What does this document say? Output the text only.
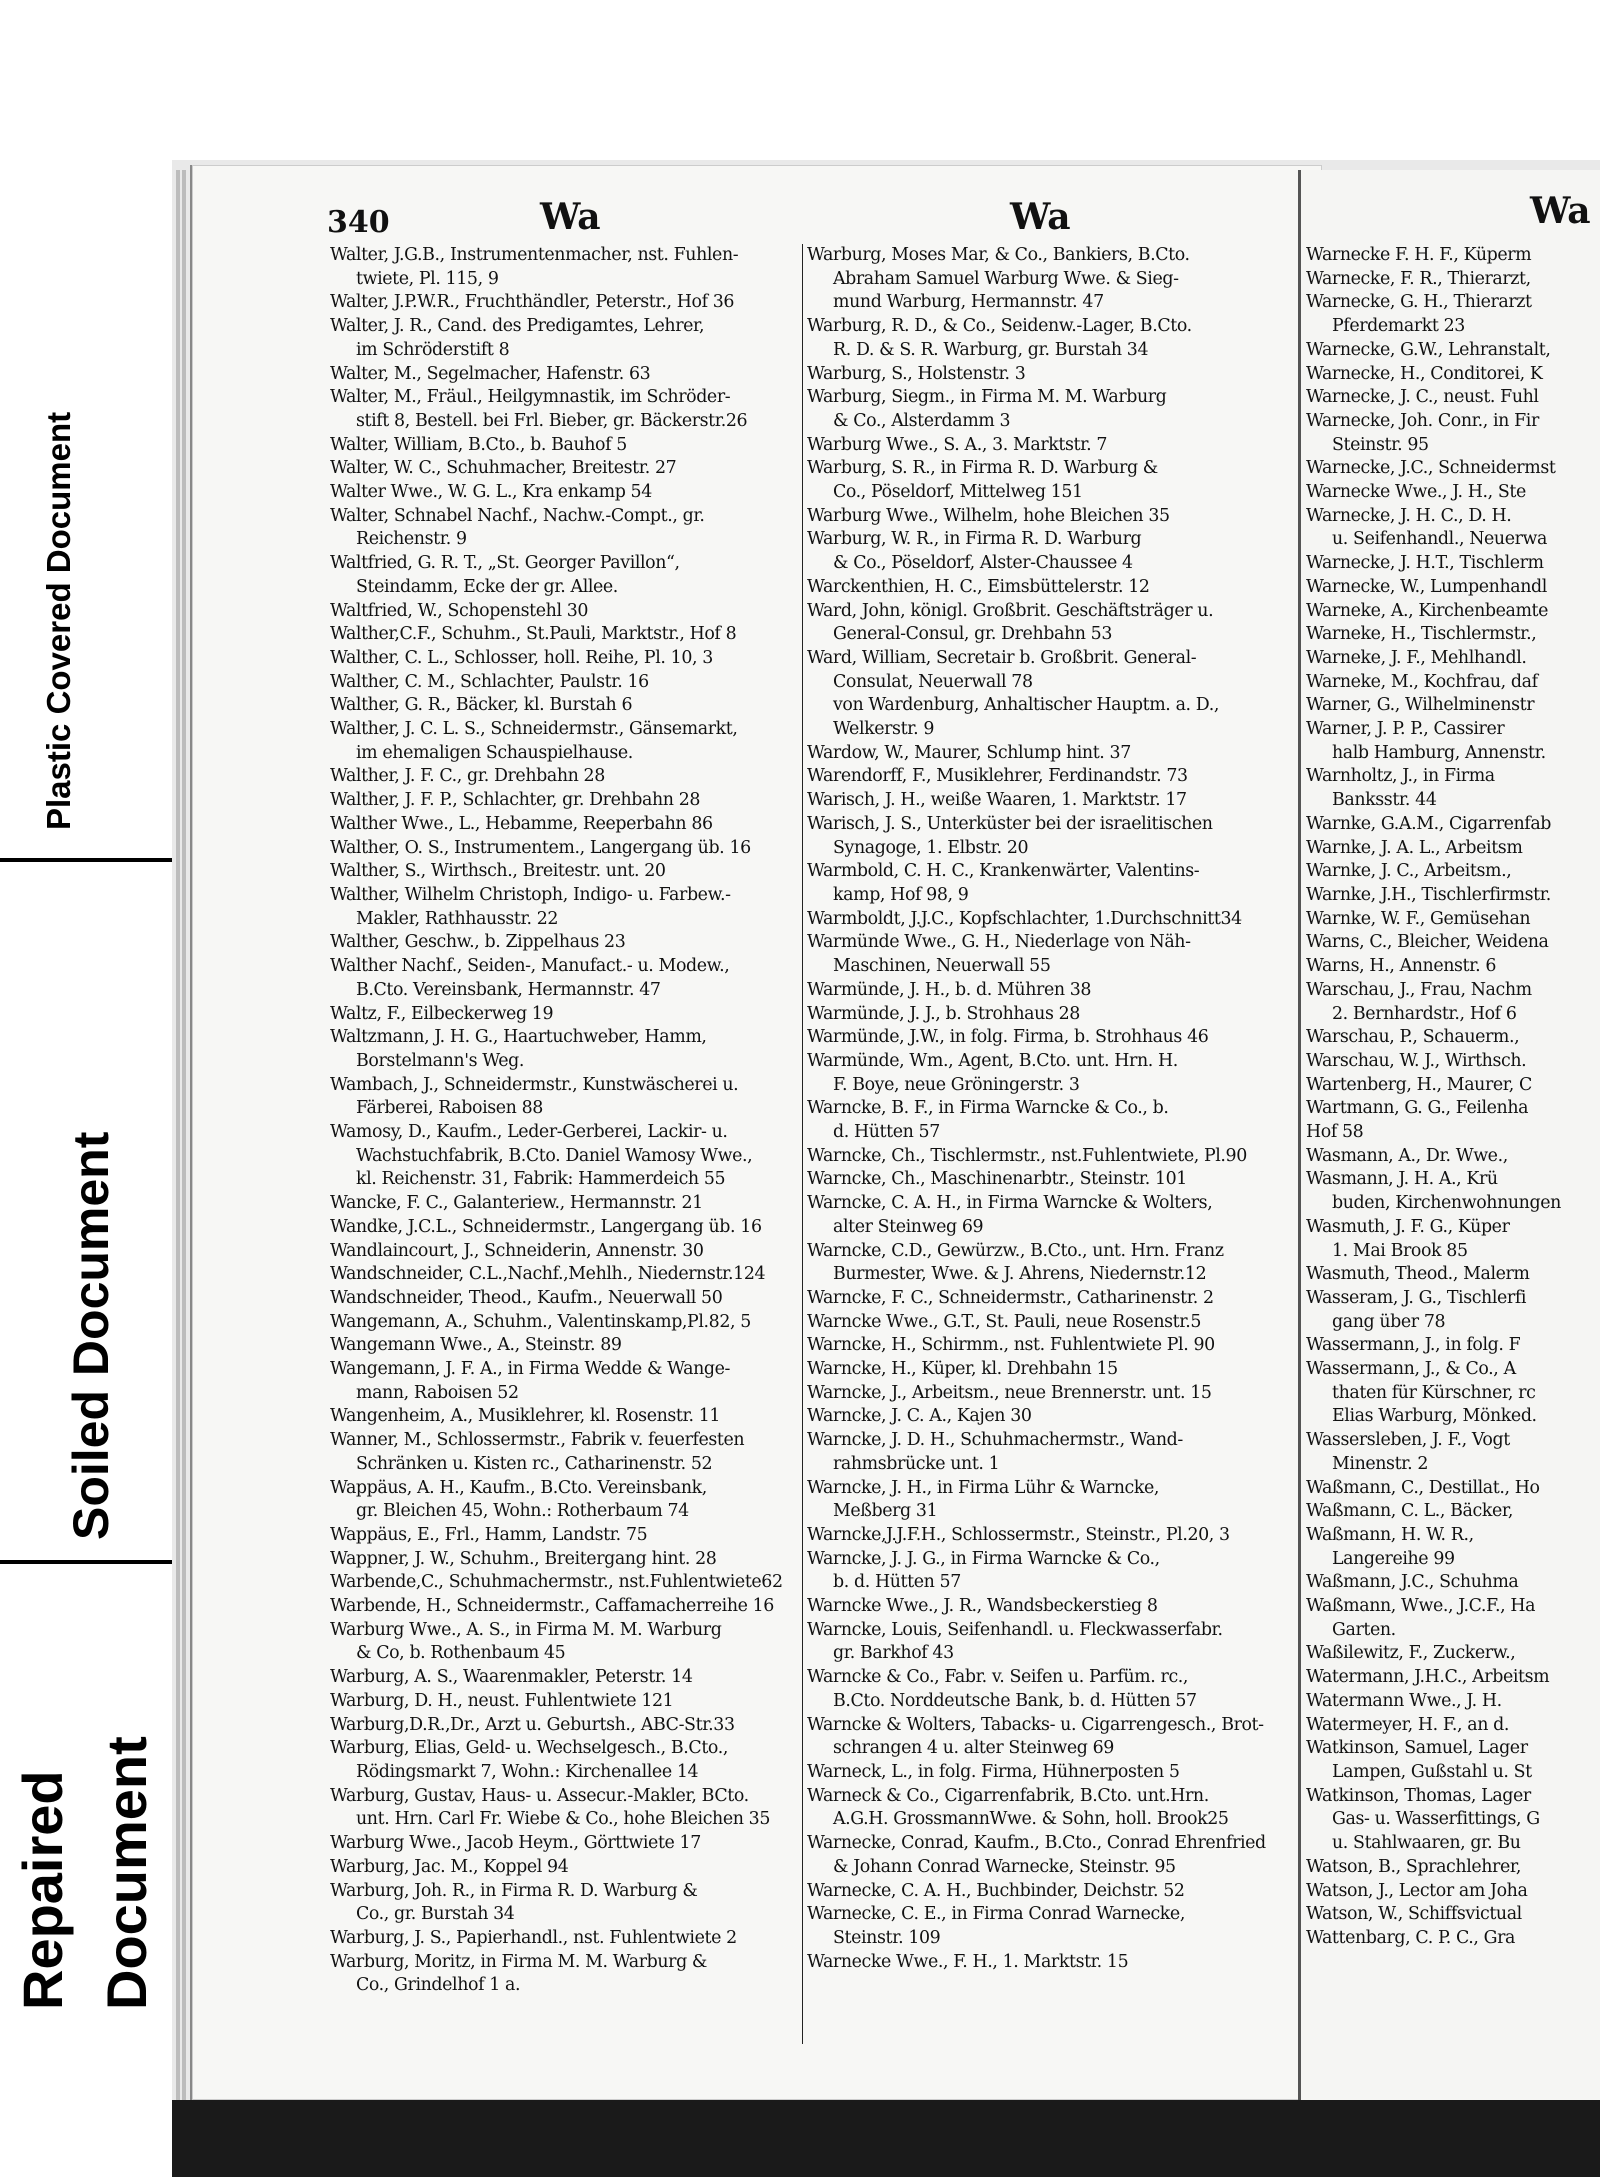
Plastic Covered Document
Soiled Document
Repaired Document
340	Wa	Wa	Wa
Walter, J.G.B., Instrumentenmacher, nst. Fuhlen-
twiete, Pl. 115, 9
Walter, J.P.W.R., Fruchthändler, Peterstr., Hof 36
Walter, J. R., Cand. des Predigamtes, Lehrer,
im Schröderstift 8
Walter, M., Segelmacher, Hafenstr. 63
Walter, M., Fräul., Heilgymnastik, im Schröder-
stift 8, Bestell. bei Frl. Bieber, gr. Bäckerstr.26
Walter, William, B.Cto., b. Bauhof 5
Walter, W. C., Schuhmacher, Breitestr. 27
Walter Wwe., W. G. L., Kra enkamp 54
Walter, Schnabel Nachf., Nachw.-Compt., gr.
Reichenstr. 9
Waltfried, G. R. T., „St. Georger Pavillon“,
Steindamm, Ecke der gr. Allee.
Waltfried, W., Schopenstehl 30
Walther,C.F., Schuhm., St.Pauli, Marktstr., Hof 8
Walther, C. L., Schlosser, holl. Reihe, Pl. 10, 3
Walther, C. M., Schlachter, Paulstr. 16
Walther, G. R., Bäcker, kl. Burstah 6
Walther, J. C. L. S., Schneidermstr., Gänsemarkt,
im ehemaligen Schauspielhause.
Walther, J. F. C., gr. Drehbahn 28
Walther, J. F. P., Schlachter, gr. Drehbahn 28
Walther Wwe., L., Hebamme, Reeperbahn 86
Walther, O. S., Instrumentem., Langergang üb. 16
Walther, S., Wirthsch., Breitestr. unt. 20
Walther, Wilhelm Christoph, Indigo- u. Farbew.-
Makler, Rathhausstr. 22
Walther, Geschw., b. Zippelhaus 23
Walther Nachf., Seiden-, Manufact.- u. Modew.,
B.Cto. Vereinsbank, Hermannstr. 47
Waltz, F., Eilbeckerweg 19
Waltzmann, J. H. G., Haartuchweber, Hamm,
Borstelmann's Weg.
Wambach, J., Schneidermstr., Kunstwäscherei u.
Färberei, Raboisen 88
Wamosy, D., Kaufm., Leder-Gerberei, Lackir- u.
Wachstuchfabrik, B.Cto. Daniel Wamosy Wwe.,
kl. Reichenstr. 31, Fabrik: Hammerdeich 55
Wancke, F. C., Galanteriew., Hermannstr. 21
Wandke, J.C.L., Schneidermstr., Langergang üb. 16
Wandlaincourt, J., Schneiderin, Annenstr. 30
Wandschneider, C.L.,Nachf.,Mehlh., Niedernstr.124
Wandschneider, Theod., Kaufm., Neuerwall 50
Wangemann, A., Schuhm., Valentinskamp,Pl.82, 5
Wangemann Wwe., A., Steinstr. 89
Wangemann, J. F. A., in Firma Wedde & Wange-
mann, Raboisen 52
Wangenheim, A., Musiklehrer, kl. Rosenstr. 11
Wanner, M., Schlossermstr., Fabrik v. feuerfesten
Schränken u. Kisten rc., Catharinenstr. 52
Wappäus, A. H., Kaufm., B.Cto. Vereinsbank,
gr. Bleichen 45, Wohn.: Rotherbaum 74
Wappäus, E., Frl., Hamm, Landstr. 75
Wappner, J. W., Schuhm., Breitergang hint. 28
Warbende,C., Schuhmachermstr., nst.Fuhlentwiete62
Warbende, H., Schneidermstr., Caffamacherreihe 16
Warburg Wwe., A. S., in Firma M. M. Warburg
& Co, b. Rothenbaum 45
Warburg, A. S., Waarenmakler, Peterstr. 14
Warburg, D. H., neust. Fuhlentwiete 121
Warburg,D.R.,Dr., Arzt u. Geburtsh., ABC-Str.33
Warburg, Elias, Geld- u. Wechselgesch., B.Cto.,
Rödingsmarkt 7, Wohn.: Kirchenallee 14
Warburg, Gustav, Haus- u. Assecur.-Makler, BCto.
unt. Hrn. Carl Fr. Wiebe & Co., hohe Bleichen 35
Warburg Wwe., Jacob Heym., Görttwiete 17
Warburg, Jac. M., Koppel 94
Warburg, Joh. R., in Firma R. D. Warburg &
Co., gr. Burstah 34
Warburg, J. S., Papierhandl., nst. Fuhlentwiete 2
Warburg, Moritz, in Firma M. M. Warburg &
Co., Grindelhof 1 a.
Warburg, Moses Mar, & Co., Bankiers, B.Cto.
Abraham Samuel Warburg Wwe. & Sieg-
mund Warburg, Hermannstr. 47
Warburg, R. D., & Co., Seidenw.-Lager, B.Cto.
R. D. & S. R. Warburg, gr. Burstah 34
Warburg, S., Holstenstr. 3
Warburg, Siegm., in Firma M. M. Warburg
& Co., Alsterdamm 3
Warburg Wwe., S. A., 3. Marktstr. 7
Warburg, S. R., in Firma R. D. Warburg &
Co., Pöseldorf, Mittelweg 151
Warburg Wwe., Wilhelm, hohe Bleichen 35
Warburg, W. R., in Firma R. D. Warburg
& Co., Pöseldorf, Alster-Chaussee 4
Warckenthien, H. C., Eimsbüttelerstr. 12
Ward, John, königl. Großbrit. Geschäftsträger u.
General-Consul, gr. Drehbahn 53
Ward, William, Secretair b. Großbrit. General-
Consulat, Neuerwall 78
von Wardenburg, Anhaltischer Hauptm. a. D.,
Welkerstr. 9
Wardow, W., Maurer, Schlump hint. 37
Warendorff, F., Musiklehrer, Ferdinandstr. 73
Warisch, J. H., weiße Waaren, 1. Marktstr. 17
Warisch, J. S., Unterküster bei der israelitischen
Synagoge, 1. Elbstr. 20
Warmbold, C. H. C., Krankenwärter, Valentins-
kamp, Hof 98, 9
Warmboldt, J.J.C., Kopfschlachter, 1.Durchschnitt34
Warmünde Wwe., G. H., Niederlage von Näh-
Maschinen, Neuerwall 55
Warmünde, J. H., b. d. Mühren 38
Warmünde, J. J., b. Strohhaus 28
Warmünde, J.W., in folg. Firma, b. Strohhaus 46
Warmünde, Wm., Agent, B.Cto. unt. Hrn. H.
F. Boye, neue Gröningerstr. 3
Warncke, B. F., in Firma Warncke & Co., b.
d. Hütten 57
Warncke, Ch., Tischlermstr., nst.Fuhlentwiete, Pl.90
Warncke, Ch., Maschinenarbtr., Steinstr. 101
Warncke, C. A. H., in Firma Warncke & Wolters,
alter Steinweg 69
Warncke, C.D., Gewürzw., B.Cto., unt. Hrn. Franz
Burmester, Wwe. & J. Ahrens, Niedernstr.12
Warncke, F. C., Schneidermstr., Catharinenstr. 2
Warncke Wwe., G.T., St. Pauli, neue Rosenstr.5
Warncke, H., Schirmm., nst. Fuhlentwiete Pl. 90
Warncke, H., Küper, kl. Drehbahn 15
Warncke, J., Arbeitsm., neue Brennerstr. unt. 15
Warncke, J. C. A., Kajen 30
Warncke, J. D. H., Schuhmachermstr., Wand-
rahmsbrücke unt. 1
Warncke, J. H., in Firma Lühr & Warncke,
Meßberg 31
Warncke,J.J.F.H., Schlossermstr., Steinstr., Pl.20, 3
Warncke, J. J. G., in Firma Warncke & Co.,
b. d. Hütten 57
Warncke Wwe., J. R., Wandsbeckerstieg 8
Warncke, Louis, Seifenhandl. u. Fleckwasserfabr.
gr. Barkhof 43
Warncke & Co., Fabr. v. Seifen u. Parfüm. rc.,
B.Cto. Norddeutsche Bank, b. d. Hütten 57
Warncke & Wolters, Tabacks- u. Cigarrengesch., Brot-
schrangen 4 u. alter Steinweg 69
Warneck, L., in folg. Firma, Hühnerposten 5
Warneck & Co., Cigarrenfabrik, B.Cto. unt.Hrn.
A.G.H. GrossmannWwe. & Sohn, holl. Brook25
Warnecke, Conrad, Kaufm., B.Cto., Conrad Ehrenfried
& Johann Conrad Warnecke, Steinstr. 95
Warnecke, C. A. H., Buchbinder, Deichstr. 52
Warnecke, C. E., in Firma Conrad Warnecke,
Steinstr. 109
Warnecke Wwe., F. H., 1. Marktstr. 15
Warnecke F. H. F., Küperm
Warnecke, F. R., Thierarzt,
Warnecke, G. H., Thierarzt
Pferdemarkt 23
Warnecke, G.W., Lehranstalt,
Warnecke, H., Conditorei, K
Warnecke, J. C., neust. Fuhl
Warnecke, Joh. Conr., in Fir
Steinstr. 95
Warnecke, J.C., Schneidermst
Warnecke Wwe., J. H., Ste
Warnecke, J. H. C., D. H.
u. Seifenhandl., Neuerwa
Warnecke, J. H.T., Tischlerm
Warnecke, W., Lumpenhandl
Warneke, A., Kirchenbeamte
Warneke, H., Tischlermstr.,
Warneke, J. F., Mehlhandl.
Warneke, M., Kochfrau, daf
Warner, G., Wilhelminenstr
Warner, J. P. P., Cassirer
halb Hamburg, Annenstr.
Warnholtz, J., in Firma
Banksstr. 44
Warnke, G.A.M., Cigarrenfab
Warnke, J. A. L., Arbeitsm
Warnke, J. C., Arbeitsm.,
Warnke, J.H., Tischlerfirmstr.
Warnke, W. F., Gemüsehan
Warns, C., Bleicher, Weidena
Warns, H., Annenstr. 6
Warschau, J., Frau, Nachm
2. Bernhardstr., Hof 6
Warschau, P., Schauerm.,
Warschau, W. J., Wirthsch.
Wartenberg, H., Maurer, C
Wartmann, G. G., Feilenha
Hof 58
Wasmann, A., Dr. Wwe.,
Wasmann, J. H. A., Krü
buden, Kirchenwohnungen
Wasmuth, J. F. G., Küper
1. Mai Brook 85
Wasmuth, Theod., Malerm
Wasseram, J. G., Tischlerfi
gang über 78
Wassermann, J., in folg. F
Wassermann, J., & Co., A
thaten für Kürschner, rc
Elias Warburg, Mönked.
Wassersleben, J. F., Vogt
Minenstr. 2
Waßmann, C., Destillat., Ho
Waßmann, C. L., Bäcker,
Waßmann, H. W. R.,
Langereihe 99
Waßmann, J.C., Schuhma
Waßmann, Wwe., J.C.F., Ha
Garten.
Waßilewitz, F., Zuckerw.,
Watermann, J.H.C., Arbeitsm
Watermann Wwe., J. H.
Watermeyer, H. F., an d.
Watkinson, Samuel, Lager
Lampen, Gußstahl u. St
Watkinson, Thomas, Lager
Gas- u. Wasserfittings, G
u. Stahlwaaren, gr. Bu
Watson, B., Sprachlehrer,
Watson, J., Lector am Joha
Watson, W., Schiffsvictual
Wattenbarg, C. P. C., Gra
